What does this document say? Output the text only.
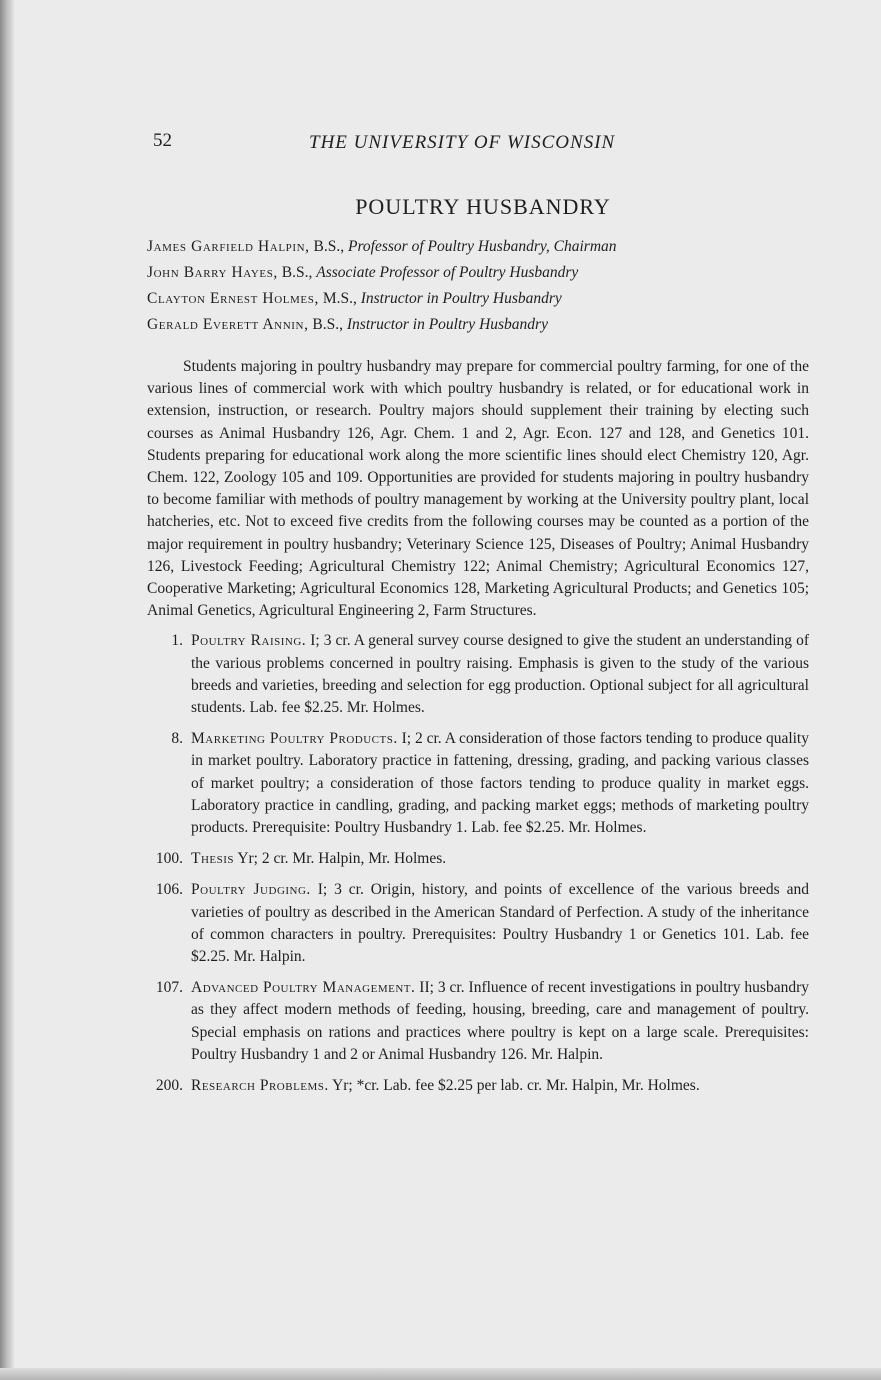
52	THE UNIVERSITY OF WISCONSIN
POULTRY HUSBANDRY
James Garfield Halpin, B.S., Professor of Poultry Husbandry, Chairman
John Barry Hayes, B.S., Associate Professor of Poultry Husbandry
Clayton Ernest Holmes, M.S., Instructor in Poultry Husbandry
Gerald Everett Annin, B.S., Instructor in Poultry Husbandry

Students majoring in poultry husbandry may prepare for commercial poultry farming, for one of the various lines of commercial work with which poultry husbandry is related, or for educational work in extension, instruction, or research. Poultry majors should supplement their training by electing such courses as Animal Husbandry 126, Agr. Chem. 1 and 2, Agr. Econ. 127 and 128, and Genetics 101. Students preparing for educational work along the more scientific lines should elect Chemistry 120, Agr. Chem. 122, Zoology 105 and 109. Opportunities are provided for students majoring in poultry husbandry to become familiar with methods of poultry management by working at the University poultry plant, local hatcheries, etc. Not to exceed five credits from the following courses may be counted as a portion of the major requirement in poultry husbandry; Veterinary Science 125, Diseases of Poultry; Animal Husbandry 126, Livestock Feeding; Agricultural Chemistry 122; Animal Chemistry; Agricultural Economics 127, Cooperative Marketing; Agricultural Economics 128, Marketing Agricultural Products; and Genetics 105; Animal Genetics, Agricultural Engineering 2, Farm Structures.

1. Poultry Raising. I; 3 cr. A general survey course designed to give the student an understanding of the various problems concerned in poultry raising. Emphasis is given to the study of the various breeds and varieties, breeding and selection for egg production. Optional subject for all agricultural students. Lab. fee $2.25. Mr. Holmes.
8. Marketing Poultry Products. I; 2 cr. A consideration of those factors tending to produce quality in market poultry. Laboratory practice in fattening, dressing, grading, and packing various classes of market poultry; a consideration of those factors tending to produce quality in market eggs. Laboratory practice in candling, grading, and packing market eggs; methods of marketing poultry products. Prerequisite: Poultry Husbandry 1. Lab. fee $2.25. Mr. Holmes.
100. Thesis Yr; 2 cr. Mr. Halpin, Mr. Holmes.
106. Poultry Judging. I; 3 cr. Origin, history, and points of excellence of the various breeds and varieties of poultry as described in the American Standard of Perfection. A study of the inheritance of common characters in poultry. Prerequisites: Poultry Husbandry 1 or Genetics 101. Lab. fee $2.25. Mr. Halpin.
107. Advanced Poultry Management. II; 3 cr. Influence of recent investigations in poultry husbandry as they affect modern methods of feeding, housing, breeding, care and management of poultry. Special emphasis on rations and practices where poultry is kept on a large scale. Prerequisites: Poultry Husbandry 1 and 2 or Animal Husbandry 126. Mr. Halpin.
200. Research Problems. Yr; *cr. Lab. fee $2.25 per lab. cr. Mr. Halpin, Mr. Holmes.
